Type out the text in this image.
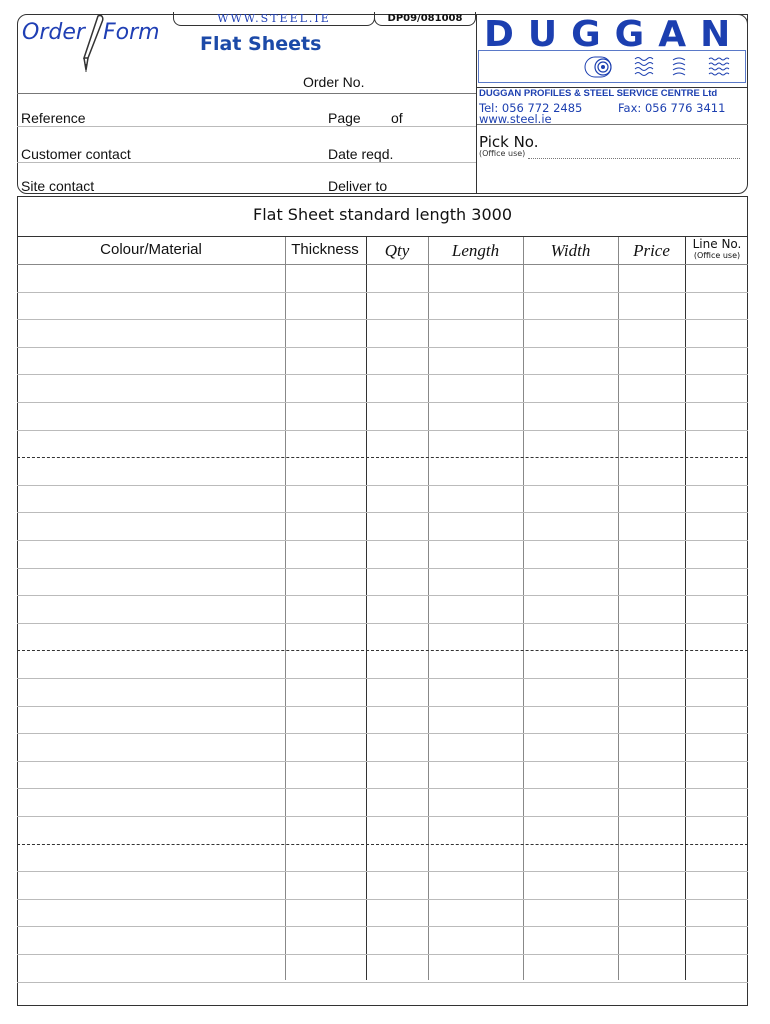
WWW.STEEL.IE	DP09/081008
Order Form Flat Sheets
Order No.
Reference	Page of
Customer contact	Date reqd.
Site contact	Deliver to
DUGGAN
DUGGAN PROFILES & STEEL SERVICE CENTRE Ltd
Tel: 056 772 2485	Fax: 056 776 3411
www.steel.ie
Pick No.
(Office use)
Flat Sheet standard length 3000
Colour/Material	Thickness	Qty	Length	Width	Price	Line No.
(Office use)
